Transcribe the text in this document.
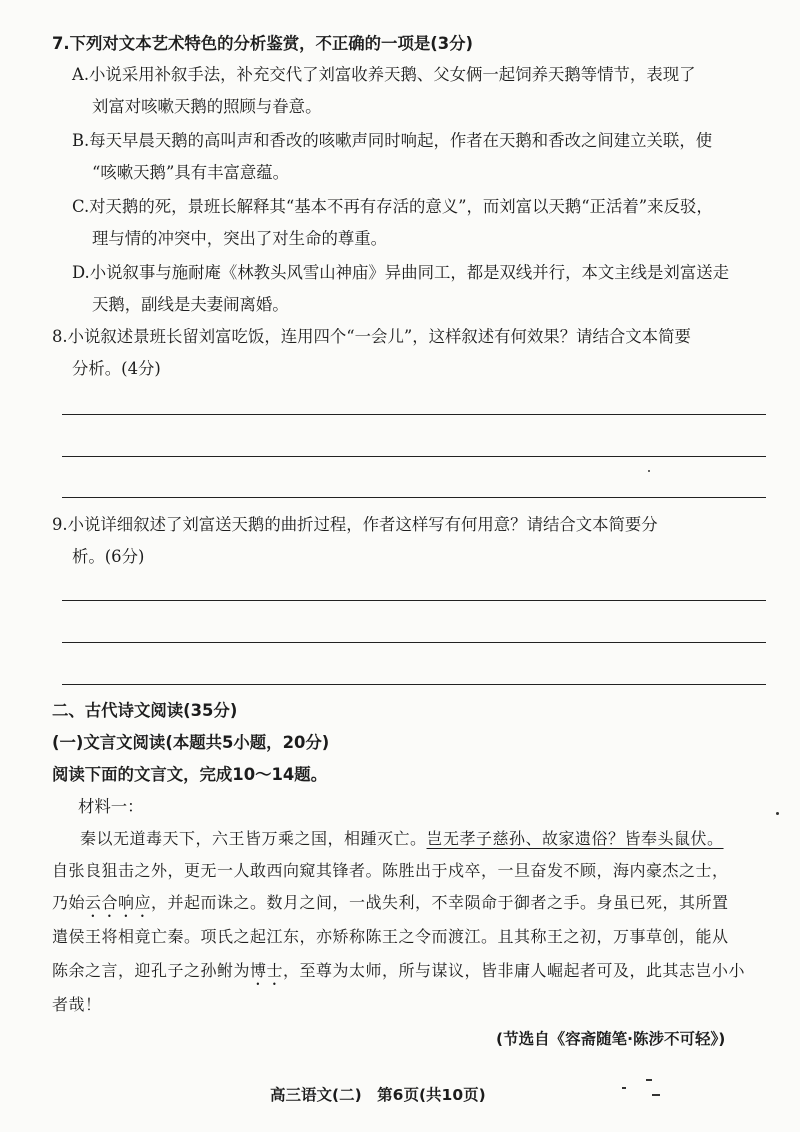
7.下列对文本艺术特色的分析鉴赏，不正确的一项是(3分)
A.小说采用补叙手法，补充交代了刘富收养天鹅、父女俩一起饲养天鹅等情节，表现了
刘富对咳嗽天鹅的照顾与眷意。
B.每天早晨天鹅的高叫声和香改的咳嗽声同时响起，作者在天鹅和香改之间建立关联，使
“咳嗽天鹅”具有丰富意蕴。
C.对天鹅的死，景班长解释其“基本不再有存活的意义”，而刘富以天鹅“正活着”来反驳，
理与情的冲突中，突出了对生命的尊重。
D.小说叙事与施耐庵《林教头风雪山神庙》异曲同工，都是双线并行，本文主线是刘富送走
天鹅，副线是夫妻闹离婚。
8.小说叙述景班长留刘富吃饭，连用四个“一会儿”，这样叙述有何效果？请结合文本简要
分析。(4分)
9.小说详细叙述了刘富送天鹅的曲折过程，作者这样写有何用意？请结合文本简要分
析。(6分)
二、古代诗文阅读(35分)
(一)文言文阅读(本题共5小题，20分)
阅读下面的文言文，完成10～14题。
材料一：
秦以无道毒天下，六王皆万乘之国，相踵灭亡。岂无孝子慈孙、故家遗俗？皆奉头鼠伏。
自张良狙击之外，更无一人敢西向窥其锋者。陈胜出于戍卒，一旦奋发不顾，海内豪杰之士，
乃始云合响应，并起而诛之。数月之间，一战失利，不幸陨命于御者之手。身虽已死，其所置
遣侯王将相竟亡秦。项氏之起江东，亦矫称陈王之令而渡江。且其称王之初，万事草创，能从
陈余之言，迎孔子之孙鲋为博士，至尊为太师，所与谋议，皆非庸人崛起者可及，此其志岂小小
者哉！
(节选自《容斋随笔·陈涉不可轻》)
高三语文(二)　第6页(共10页)
